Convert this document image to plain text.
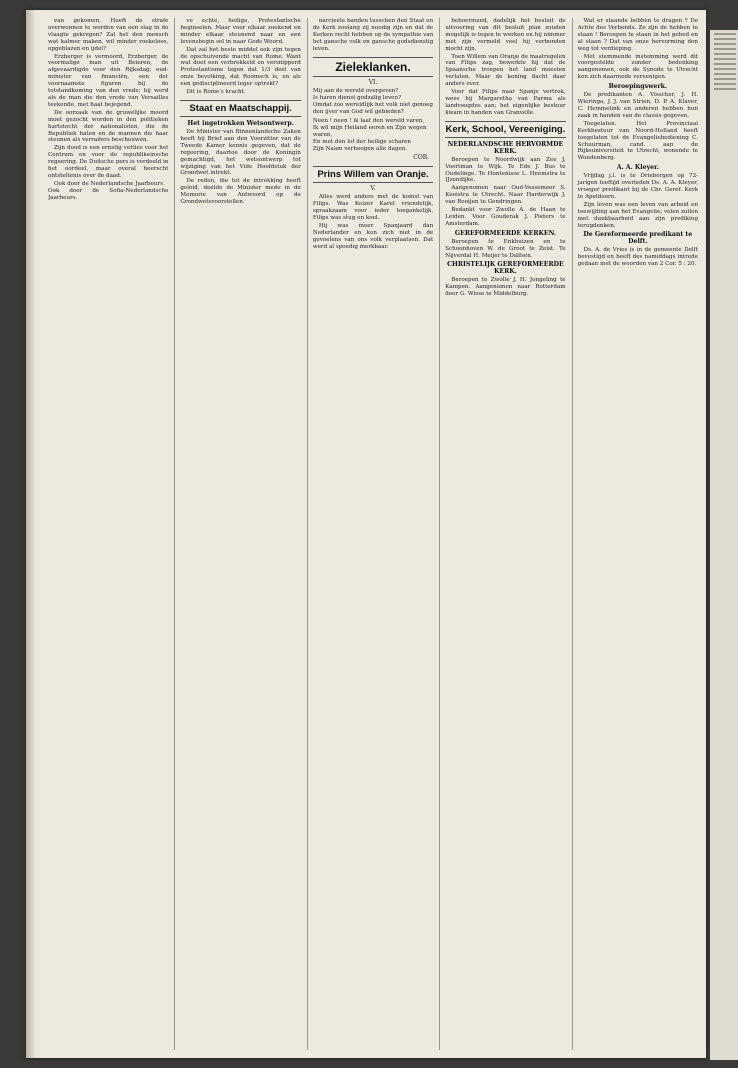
van gekomen. Hoeft de strafe overwonnen te worden van een slag in de vlaagte gekregen? Zal het den mensch wat kalmer maken, wil minder roekeloos, opgeblazen en ijdel?

Erzberger is vermoord, Erzberger, de voormalige man uit Beieren, de afgevaardigde voor den Rijksdag; oud-minister van financiën, een der voornaamste figuren bij de totstandkoming van den vrede; hij werd als de man die den vrede van Versailles teekende, met haat bejegend.

De oorzaak van de gruwelijke moord moet gezocht worden in den politieken hartstocht der nationalisten, die de Republiek haten en de mannen die haar steunen als verraders beschouwen.

Zijn dood is een ernstig verlies voor het Centrum en voor de republikeinsche regeering. De Duitsche pers is verdeeld in het oordeel, maar overal heerscht ontsteltenis over de daad.

Ook door de Nederlandsche Jaarbeurs.
Ook door de Sofia-Nederlandsche Jaarbeurs.

ve echte, heilige, Protestantsche beginselen. Maar voor elkaar zoekend en minder elkaar steunend naar en een levensbegin sel in naar Gods Woord.

Dat zal het beste middel ook zijn tegen de opschuivende macht van Rome. Want wat doet een verbrokkeld en versnipperd Protestantisme tegen dat 1/3 deel van onze bevolking, dat Roomsch is, en als een gedisciplineerd leger optrekt?

Dit is Rome's kracht.

Staat en Maatschappij.
Het ingetrokken Wetsontwerp.

De Minister van Binnenlandsche Zaken heeft bij Brief aan den Voorzitter van de Tweede Kamer kennis gegeven, dat de regeering, daartoe door de Koningin gemachtigd, het wetsontwerp tot wijziging van het Vide Hoofdstuk der Grondwet intrekt.

De reden, die tot de intrekking heeft geleid, deelde de Minister mede in de Memorie van Antwoord op de Grondwetsvoorstellen.

narcieele banden tusschen den Staat en de Kerk zoolang zij noodig zijn en dat de Kerken recht hebben op de sympathie van het gansche volk en gansche godsdienstig leven.

Zieleklanken.
VI.

Mij aan de wereld overgeven?
Is haren dienst godzalig leven?
Omdat zoo wereldlijk het volk niet genoeg den ijver van God wil gebieden?

Neen ! neen ! ik laat den wereld varen,
Ik wil mijn Heiland eeren en Zijn wegen waren,
En met den lof der heilige scharen
Zijn Naam verhoogen alle dagen.

COR.
Prins Willem van Oranje.
V.

Alles werd anders met de komst van Filips. Was Keizer Karel vriendelijk, spraakzaam voor ieder toegankelijk, Filips was stug en koel.

Hij was meer Spanjaard dan Nederlander en kon zich niet in de gevoelens van ons volk verplaatsen. Dat werd al spoedig merkbaar.

beboermeed, dadelijk het besluit de uitvoering van dit besluit plan zouden mogelijk is tegen te werken en hij nimmer met zijn vermeld veel hij verbonden mocht zijn.

Toen Willem van Oranje de maatregelen van Filips zag, bewerkte hij dat de Spaansche troepen het land moesten verlaten. Maar de koning dacht daar anders over.

Voor dat Filips naar Spanje vertrok, wees hij Margaretha van Parma als landvoogdes aan; het eigenlijke bestuur kwam in handen van Granvelle.

Kerk, School, Vereeniging.
NEDERLANDSCHE HERVORMDE KERK.

Beroepen te Noordwijk aan Zee J. Voortman te Wijk. Te Ede J. Bus te Oudelinge. Te Hontenisse L. Heemstra te IJzendijke.

Aangenomen naar Oud-Vossemeer S. Kooistra te Utrecht. Naar Harderwijk J. van Rooijen te Gendringen.

Bedankt voor Zwolle A. de Haan te Leiden. Voor Gouderak J. Pieters te Amsterdam.

GEREFORMEERDE KERKEN.

Beroepen te Enkhuizen en te Schoonhoven W. de Groot te Zeist. Te Nijverdal H. Meijer te Dalfsen.

CHRISTELIJK GEREFORMEERDE KERK.

Beroepen te Zwolle J. H. Jongeling te Kampen. Aangenomen naar Rotterdam door G. Wisse te Middelburg.

Wat er staande bebben te dragen ? De Achte des Verbonds. Ze zijn de hebben te staan ! Beroepen te staan in het gebed en al staan ? Dat van onze hervorming den weg tot verdieping.

Met stemmende instemming werd dit voorgestelde zonder bedenking aangenomen, ook de Synode te Utrecht kon zich daarmede vereenigen.

Beroepingswerk.

De predikanten A. Visscher, J. H. Wieringa, J. J. van Strien, D. P. A. Klaver, C. Hemmelink en anderen hebben hun zaak in handen van de classis gegeven.

Toegelaten. Het Provinciaal Kerkbestuur van Noord-Holland heeft toegelaten tot de Evangeliebediening C. Schuurman, cand. aan de Rijksuniversiteit te Utrecht, wonende te Woudenberg.

A. A. Kleyer.

Vrijdag j.l. is te Driebergen op 72-jarigen leeftijd overleden Ds. A. A. Kleyer, vroeger predikant bij de Chr. Geref. Kerk te Apeldoorn.

Zijn leven was een leven van arbeid en toewijding aan het Evangelie; velen zullen met dankbaarheid aan zijn prediking terugdenken.

De Gereformeerde predikant te Delft.

Ds. A. de Vries is in de gemeente Delft bevestigd en heeft des namiddags intrede gedaan met de woorden van 2 Cor. 5 : 20.
